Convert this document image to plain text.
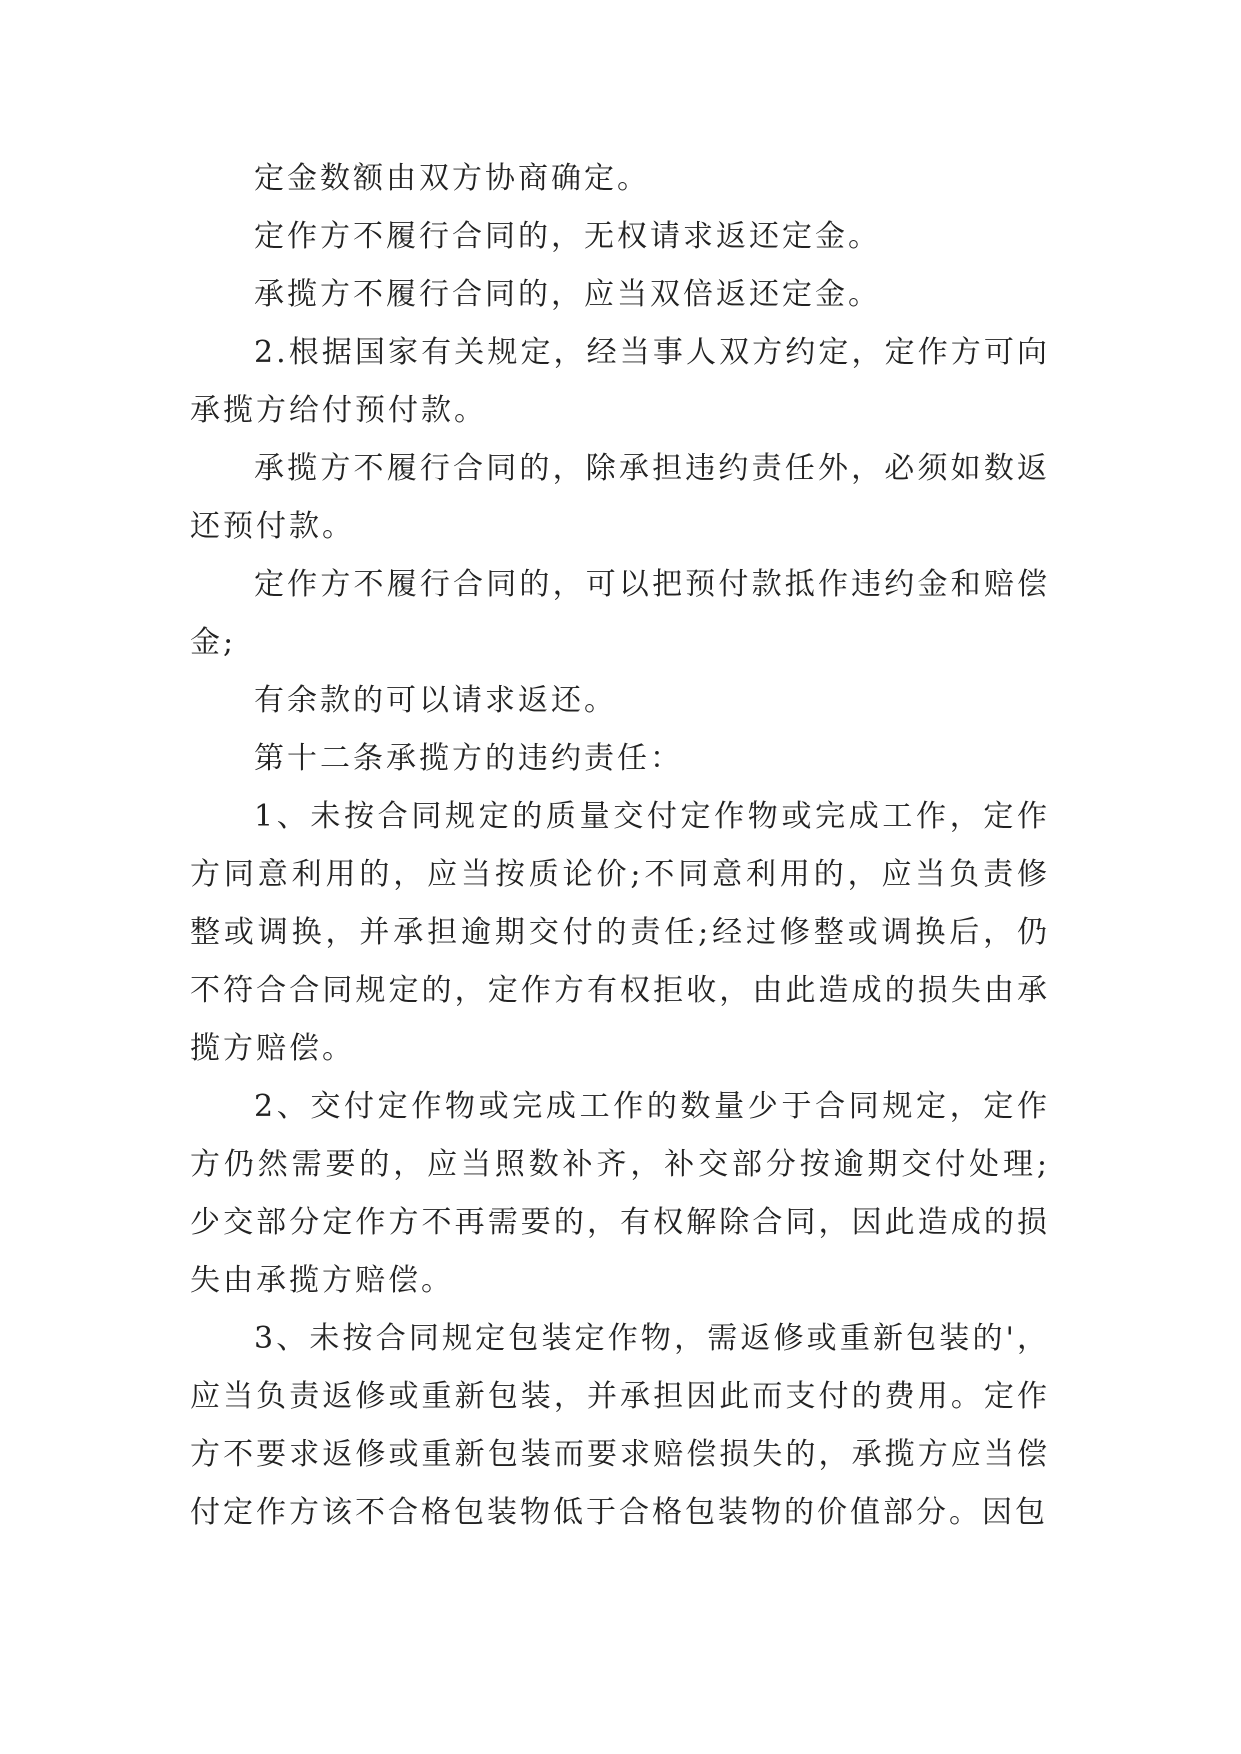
定金数额由双方协商确定。

定作方不履行合同的，无权请求返还定金。

承揽方不履行合同的，应当双倍返还定金。

2.根据国家有关规定，经当事人双方约定，定作方可向承揽方给付预付款。

承揽方不履行合同的，除承担违约责任外，必须如数返还预付款。

定作方不履行合同的，可以把预付款抵作违约金和赔偿金;

有余款的可以请求返还。

第十二条承揽方的违约责任：

1、未按合同规定的质量交付定作物或完成工作，定作方同意利用的，应当按质论价;不同意利用的，应当负责修整或调换，并承担逾期交付的责任;经过修整或调换后，仍不符合合同规定的，定作方有权拒收，由此造成的损失由承揽方赔偿。

2、交付定作物或完成工作的数量少于合同规定，定作方仍然需要的，应当照数补齐，补交部分按逾期交付处理;少交部分定作方不再需要的，有权解除合同，因此造成的损失由承揽方赔偿。

3、未按合同规定包装定作物，需返修或重新包装的'，应当负责返修或重新包装，并承担因此而支付的费用。定作方不要求返修或重新包装而要求赔偿损失的，承揽方应当偿付定作方该不合格包装物低于合格包装物的价值部分。因包
